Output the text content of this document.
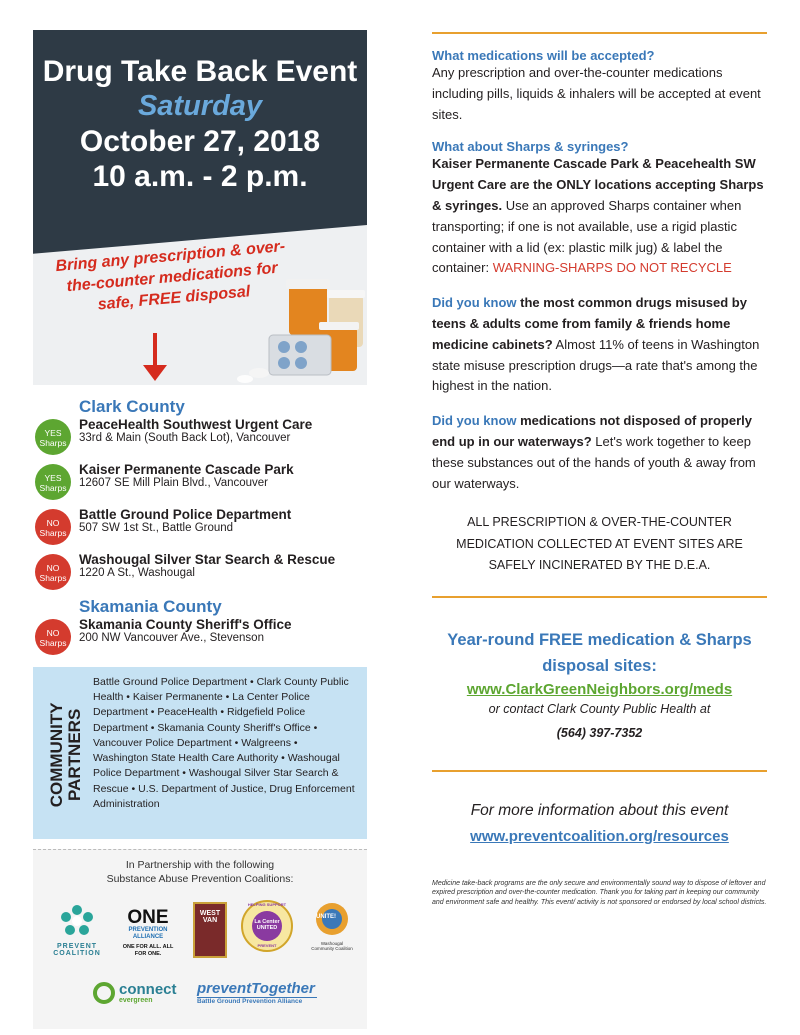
Drug Take Back Event
Saturday
October 27, 2018
10 a.m. - 2 p.m.
Bring any prescription & over-the-counter medications for safe, FREE disposal
Clark County
YES
Sharps
PeaceHealth Southwest Urgent Care
33rd & Main (South Back Lot), Vancouver
YES
Sharps
Kaiser Permanente Cascade Park
12607 SE Mill Plain Blvd., Vancouver
NO
Sharps
Battle Ground Police Department
507 SW 1st St., Battle Ground
NO
Sharps
Washougal Silver Star Search & Rescue
1220 A St., Washougal
Skamania County
NO
Sharps
Skamania County Sheriff's Office
200 NW Vancouver Ave., Stevenson
COMMUNITY
PARTNERS
Battle Ground Police Department • Clark County Public Health • Kaiser Permanente • La Center Police Department • PeaceHealth • Ridgefield Police Department • Skamania County Sheriff's Office • Vancouver Police Department • Walgreens • Washington State Health Care Authority • Washougal Police Department • Washougal Silver Star Search & Rescue • U.S. Department of Justice, Drug Enforcement Administration
In Partnership with the following
Substance Abuse Prevention Coalitions:
PREVENT COALITION
ONE
PREVENTION ALLIANCE
ONE FOR ALL. ALL FOR ONE.
WEST VAN
HELPING SUPPORT
La Center UNITED
PREVENT
UNITE!
Washougal Community Coalition
connect
evergreen
preventTogether
Battle Ground Prevention Alliance
What medications will be accepted?
Any prescription and over-the-counter medications including pills, liquids & inhalers will be accepted at event sites.
What about Sharps & syringes?
Kaiser Permanente Cascade Park & Peacehealth SW Urgent Care are the ONLY locations accepting Sharps & syringes. Use an approved Sharps container when transporting; if one is not available, use a rigid plastic container with a lid (ex: plastic milk jug) & label the container: WARNING-SHARPS DO NOT RECYCLE
Did you know the most common drugs misused by teens & adults come from family & friends home medicine cabinets? Almost 11% of teens in Washington state misuse prescription drugs—a rate that's among the highest in the nation.
Did you know medications not disposed of properly end up in our waterways? Let's work together to keep these substances out of the hands of youth & away from our waterways.
ALL PRESCRIPTION & OVER-THE-COUNTER MEDICATION COLLECTED AT EVENT SITES ARE SAFELY INCINERATED BY THE D.E.A.
Year-round FREE medication & Sharps disposal sites:
www.ClarkGreenNeighbors.org/meds
or contact Clark County Public Health at
(564) 397-7352
For more information about this event
www.preventcoalition.org/resources
Medicine take-back programs are the only secure and environmentally sound way to dispose of leftover and expired prescription and over-the-counter medication. Thank you for taking part in keeping our community and environment safe and healthy. This event/ activity is not sponsored or endorsed by local school districts.
